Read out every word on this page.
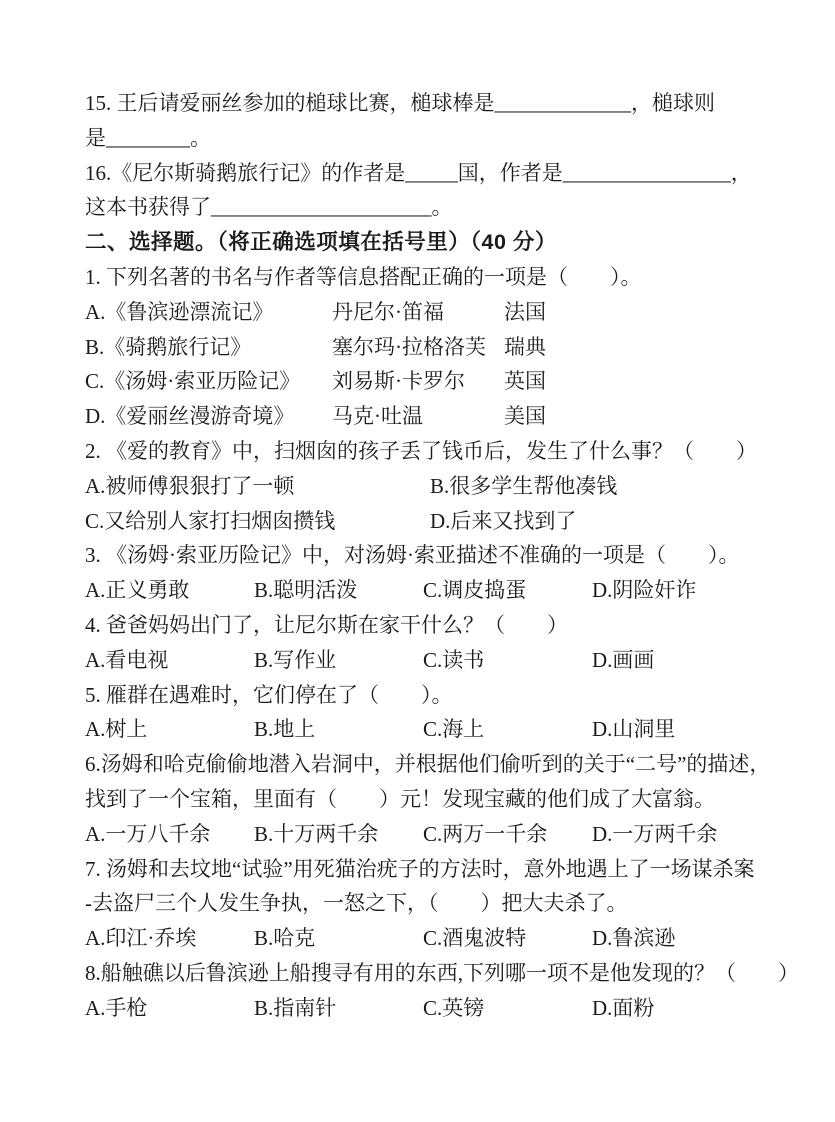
15. 王后请爱丽丝参加的槌球比赛，槌球棒是_____________，槌球则
是________。
16.《尼尔斯骑鹅旅行记》的作者是_____国，作者是________________，
这本书获得了_____________________。
二、选择题。（将正确选项填在括号里）（40 分）
1. 下列名著的书名与作者等信息搭配正确的一项是（　　）。
A.《鲁滨逊漂流记》	丹尼尔·笛福	法国
B.《骑鹅旅行记》	塞尔玛·拉格洛芙 瑞典
C.《汤姆·索亚历险记》	刘易斯·卡罗尔	英国
D.《爱丽丝漫游奇境》	马克·吐温	美国
2. 《爱的教育》中，扫烟囱的孩子丢了钱币后，发生了什么事？（　　）
A.被师傅狠狠打了一顿	B.很多学生帮他凑钱
C.又给别人家打扫烟囱攒钱	D.后来又找到了
3. 《汤姆·索亚历险记》中，对汤姆·索亚描述不准确的一项是（　　）。
A.正义勇敢	B.聪明活泼	C.调皮捣蛋	D.阴险奸诈
4. 爸爸妈妈出门了，让尼尔斯在家干什么？（　　）
A.看电视	B.写作业	C.读书	D.画画
5. 雁群在遇难时，它们停在了（　　）。
A.树上	B.地上	C.海上	D.山洞里
6.汤姆和哈克偷偷地潜入岩洞中，并根据他们偷听到的关于“二号”的描述，
找到了一个宝箱，里面有（　　）元！发现宝藏的他们成了大富翁。
A.一万八千余	B.十万两千余	C.两万一千余	D.一万两千余
7. 汤姆和去坟地“试验”用死猫治疣子的方法时，意外地遇上了一场谋杀案
-去盗尸三个人发生争执，一怒之下，（　　）把大夫杀了。
A.印江·乔埃	B.哈克	C.酒鬼波特	D.鲁滨逊
8.船触礁以后鲁滨逊上船搜寻有用的东西,下列哪一项不是他发现的？（　　）
A.手枪	B.指南针	C.英镑	D.面粉
